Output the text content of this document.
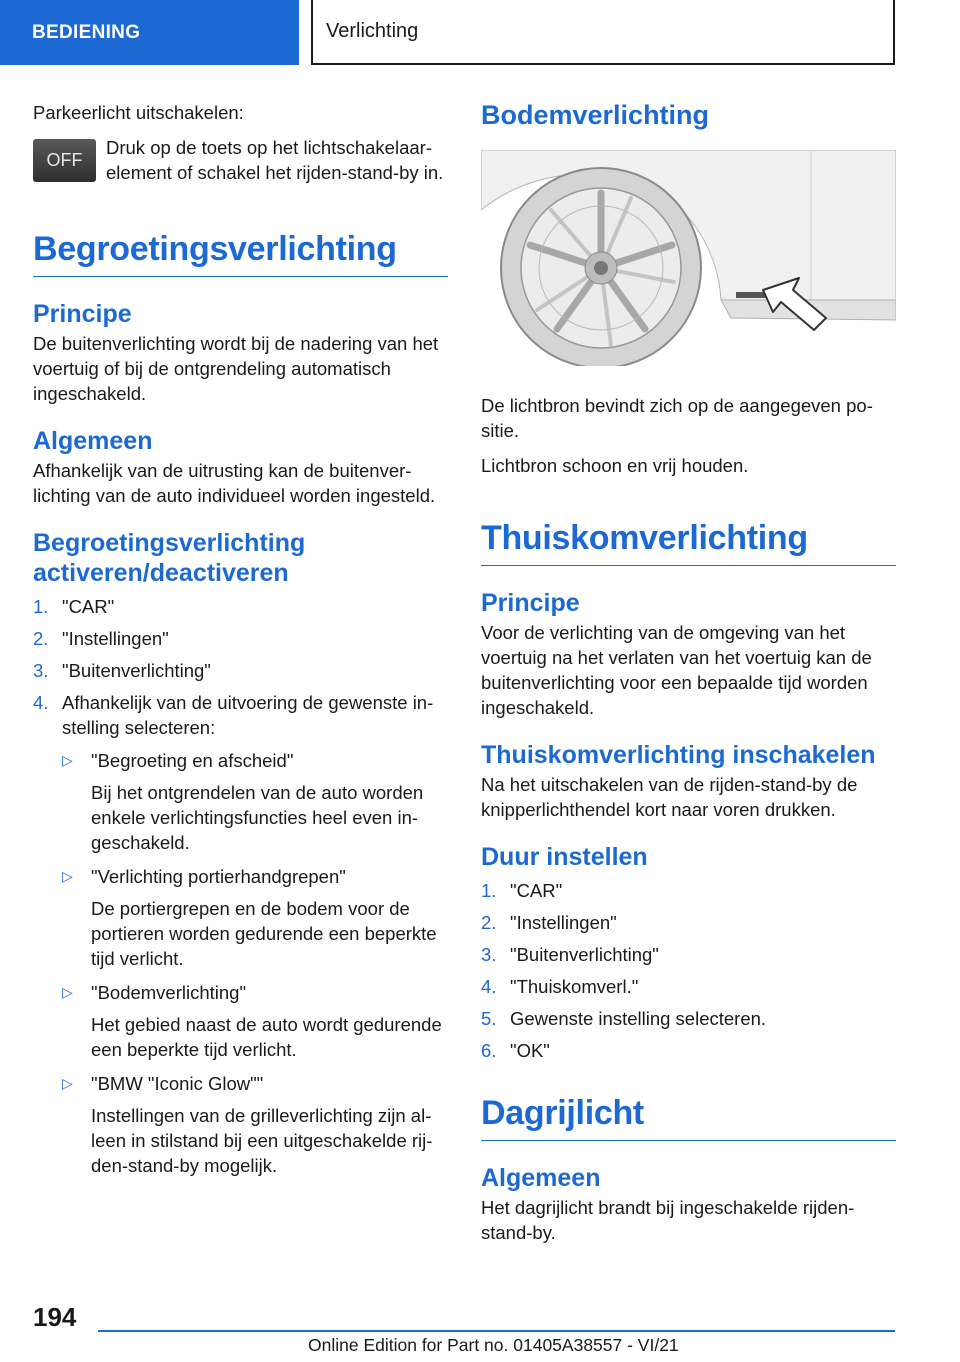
BEDIENING	Verlichting

Parkeerlicht uitschakelen:

OFF

Druk op de toets op het lichtschakelaar-element of schakel het rijden-stand-by in.

Begroetingsverlichting
Principe

De buitenverlichting wordt bij de nadering van het voertuig of bij de ontgrendeling automatisch ingeschakeld.

Algemeen

Afhankelijk van de uitrusting kan de buitenverlichting van de auto individueel worden ingesteld.

Begroetingsverlichting activeren/deactiveren
1. "CAR"
2. "Instellingen"
3. "Buitenverlichting"
4. Afhankelijk van de uitvoering de gewenste instelling selecteren:
▷ "Begroeting en afscheid"
Bij het ontgrendelen van de auto worden enkele verlichtingsfuncties heel even ingeschakeld.
▷ "Verlichting portierhandgrepen"
De portiergrepen en de bodem voor de portieren worden gedurende een beperkte tijd verlicht.
▷ "Bodemverlichting"
Het gebied naast de auto wordt gedurende een beperkte tijd verlicht.
▷ "BMW "Iconic Glow""
Instellingen van de grilleverlichting zijn alleen in stilstand bij een uitgeschakelde rijden-stand-by mogelijk.
Bodemverlichting

De lichtbron bevindt zich op de aangegeven positie.

Lichtbron schoon en vrij houden.

Thuiskomverlichting
Principe

Voor de verlichting van de omgeving van het voertuig na het verlaten van het voertuig kan de buitenverlichting voor een bepaalde tijd worden ingeschakeld.

Thuiskomverlichting inschakelen

Na het uitschakelen van de rijden-stand-by de knipperlichthendel kort naar voren drukken.

Duur instellen
1. "CAR"
2. "Instellingen"
3. "Buitenverlichting"
4. "Thuiskomverl."
5. Gewenste instelling selecteren.
6. "OK"
Dagrijlicht
Algemeen

Het dagrijlicht brandt bij ingeschakelde rijden-stand-by.

194
Online Edition for Part no. 01405A38557 - VI/21
